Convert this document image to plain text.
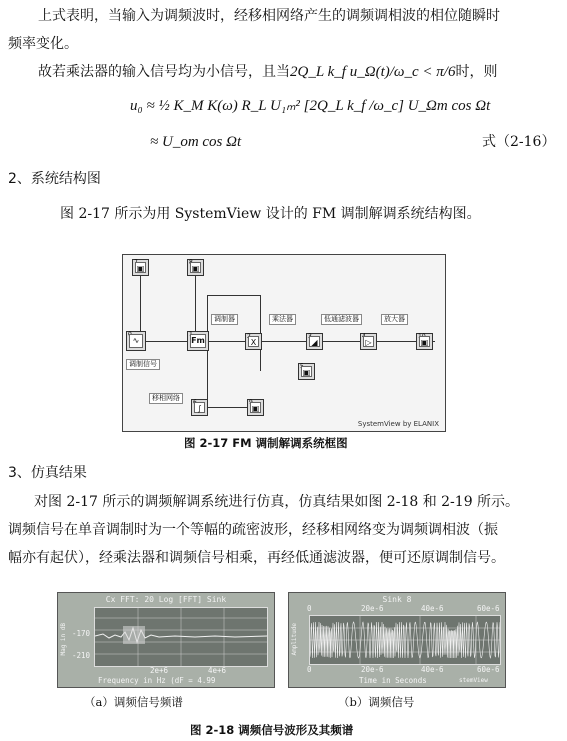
上式表明，当输入为调频波时，经移相网络产生的调频调相波的相位随瞬时
频率变化。
故若乘法器的输入信号均为小信号，且当2Q_L k_f u_Ω(t)/ω_c < π/6时，则
u₀ ≈ ½ K_M K(ω) R_L U₁ₘ² [2Q_L k_f /ω_c] U_Ωm cos Ωt
≈ U_om cos Ωt	式（2-16）
2、系统结构图
图 2-17 所示为用 SystemView 设计的 FM 调制解调系统结构图。
▣	▣
∿	Fm	X	◢	▷	▣
▣
∫	▣
调制器	乘法器	低通滤波器	放大器
调制信号
移相网络
SystemView by ELANIX
图 2-17 FM 调制解调系统框图
3、仿真结果
对图 2-17 所示的调频解调系统进行仿真，仿真结果如图 2-18 和 2-19 所示。
调频信号在单音调制时为一个等幅的疏密波形，经移相网络变为调频调相波（振
幅亦有起伏），经乘法器和调频信号相乘，再经低通滤波器，便可还原调制信号。
Cx FFT: 20 Log [FFT] Sink
Mag in dB -170
-210
2e+6	4e+6
Frequency in Hz (dF = 4.99
Sink 8
0	20e-6	40e-6	60e-6
Amplitude
0	20e-6	40e-6	60e-6
Time in Seconds	stemView
（a）调频信号频谱	（b）调频信号
图 2-18 调频信号波形及其频谱
